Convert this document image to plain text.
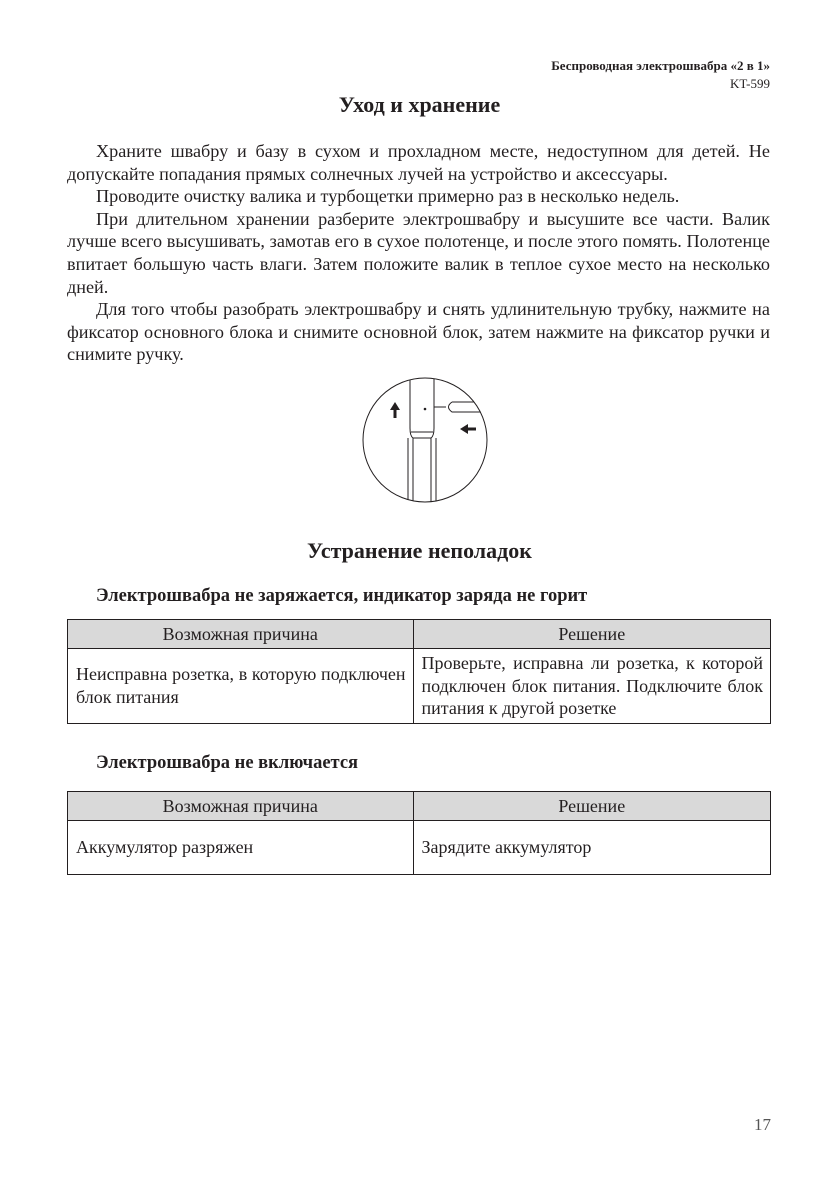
Беспроводная электрошвабра «2 в 1»
KT-599
Уход и хранение

Храните швабру и базу в сухом и прохладном месте, недоступном для детей. Не допускайте попадания прямых солнечных лучей на устройство и аксессуары.

Проводите очистку валика и турбощетки примерно раз в несколько недель.

При длительном хранении разберите электрошвабру и высушите все части. Валик лучше всего высушивать, замотав его в сухое полотенце, и после этого помять. Полотенце впитает большую часть влаги. Затем положите валик в теплое сухое место на несколько дней.

Для того чтобы разобрать электрошвабру и снять удлинительную трубку, нажмите на фиксатор основного блока и снимите основной блок, затем нажмите на фиксатор ручки и снимите ручку.

Устранение неполадок
Электрошвабра не заряжается, индикатор заряда не горит
Возможная причина	Решение
Неисправна розетка, в которую подключен блок питания	Проверьте, исправна ли розетка, к которой подключен блок питания. Подключите блок питания к другой розетке
Электрошвабра не включается
Возможная причина	Решение
Аккумулятор разряжен	Зарядите аккумулятор
17
